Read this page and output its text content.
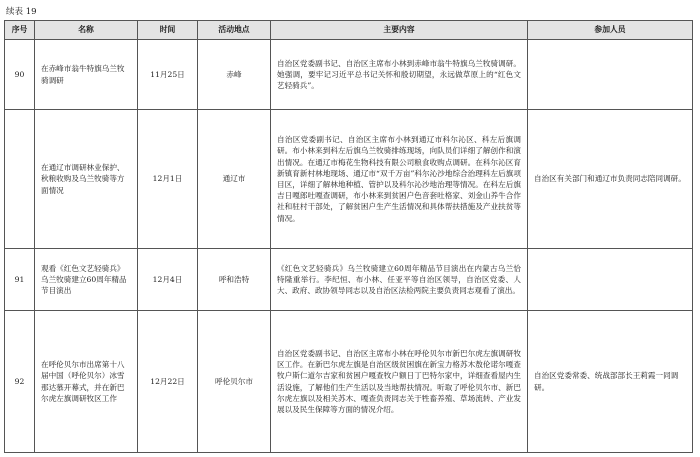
续表 19
序号	名称	时间	活动地点	主要内容	参加人员
90	在赤峰市翁牛特旗乌兰牧骑调研	11月25日	赤峰	自治区党委副书记、自治区主席布小林到赤峰市翁牛特旗乌兰牧骑调研。她强调，要牢记习近平总书记关怀和殷切期望，永远做草原上的“红色文艺轻骑兵”。	
	在通辽市调研林业保护、秋粮收购及乌兰牧骑等方面情况	12月1日	通辽市	自治区党委副书记、自治区主席布小林到通辽市科尔沁区、科左后旗调研。布小林来到科左后旗乌兰牧骑排练现场，向队员们详细了解创作和演出情况。在通辽市梅花生物科技有限公司粮食收购点调研。在科尔沁区育新镇育新村林地现场、通辽市“双千万亩”科尔沁沙地综合治理科左后旗项目区，详细了解林地种植、管护以及科尔沁沙地治理等情况。在科左后旗吉日嘎郎吐嘎查调研，布小林来到贫困户色音套吐格家、刘金山养牛合作社和驻村干部处，了解贫困户生产生活情况和具体帮扶措施及产业扶贫等情况。	自治区有关部门和通辽市负责同志陪同调研。
91	观看《红色文艺轻骑兵》乌兰牧骑建立60周年精品节目演出	12月4日	呼和浩特	《红色文艺轻骑兵》乌兰牧骑建立60周年精品节目演出在内蒙古乌兰恰特隆重举行。李纪恒、布小林、任亚平等自治区领导，自治区党委、人大、政府、政协领导同志以及自治区法检两院主要负责同志观看了演出。	
92	在呼伦贝尔市出席第十八届中国（呼伦贝尔）冰雪那达慕开幕式，并在新巴尔虎左旗调研牧区工作	12月22日	呼伦贝尔市	自治区党委副书记、自治区主席布小林在呼伦贝尔市新巴尔虎左旗调研牧区工作。在新巴尔虎左旗是自治区级贫困旗在新宝力格苏木敖伦诺尔嘎查牧户斯仁道尔吉家和贫困户嘎查牧户额日丁巴特尔家中，详细查看屋内生活设施，了解他们生产生活以及当地帮扶情况。听取了呼伦贝尔市、新巴尔虎左旗以及相关苏木、嘎查负责同志关于牲畜养殖、草场流转、产业发展以及民生保障等方面的情况介绍。	自治区党委常委、统战部部长王莉霞一同调研。
